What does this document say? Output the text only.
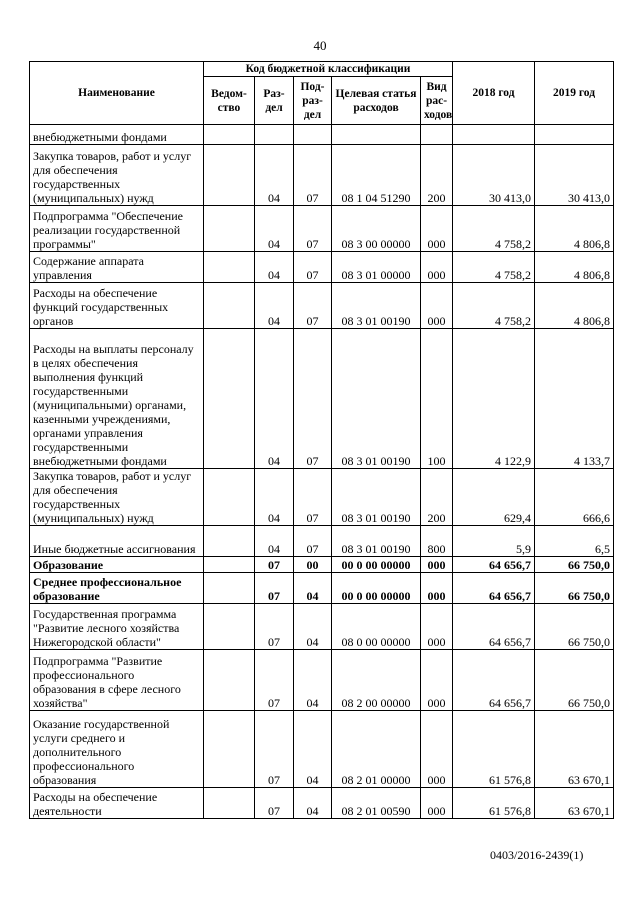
40
Наименование	Код бюджетной классификации					2018 год	2019 год
	Ведом-ство	Раз-дел	Под-раз-дел	Целевая статья расходов	Вид рас-ходов		
внебюджетными фондами							
Закупка товаров, работ и услуг для обеспечения государственных (муниципальных) нужд		04	07	08 1 04 51290	200	30 413,0	30 413,0
Подпрограмма "Обеспечение реализации государственной программы"		04	07	08 3 00 00000	000	4 758,2	4 806,8
Содержание аппарата управления		04	07	08 3 01 00000	000	4 758,2	4 806,8
Расходы на обеспечение функций государственных органов		04	07	08 3 01 00190	000	4 758,2	4 806,8
Расходы на выплаты персоналу в целях обеспечения выполнения функций государственными (муниципальными) органами, казенными учреждениями, органами управления государственными внебюджетными фондами		04	07	08 3 01 00190	100	4 122,9	4 133,7
Закупка товаров, работ и услуг для обеспечения государственных (муниципальных) нужд		04	07	08 3 01 00190	200	629,4	666,6
Иные бюджетные ассигнования		04	07	08 3 01 00190	800	5,9	6,5
Образование		07	00	00 0 00 00000	000	64 656,7	66 750,0
Среднее профессиональное образование		07	04	00 0 00 00000	000	64 656,7	66 750,0
Государственная программа "Развитие лесного хозяйства Нижегородской области"		07	04	08 0 00 00000	000	64 656,7	66 750,0
Подпрограмма "Развитие профессионального образования в сфере лесного хозяйства"		07	04	08 2 00 00000	000	64 656,7	66 750,0
Оказание государственной услуги среднего и дополнительного профессионального образования		07	04	08 2 01 00000	000	61 576,8	63 670,1
Расходы на обеспечение деятельности		07	04	08 2 01 00590	000	61 576,8	63 670,1
0403/2016-2439(1)
